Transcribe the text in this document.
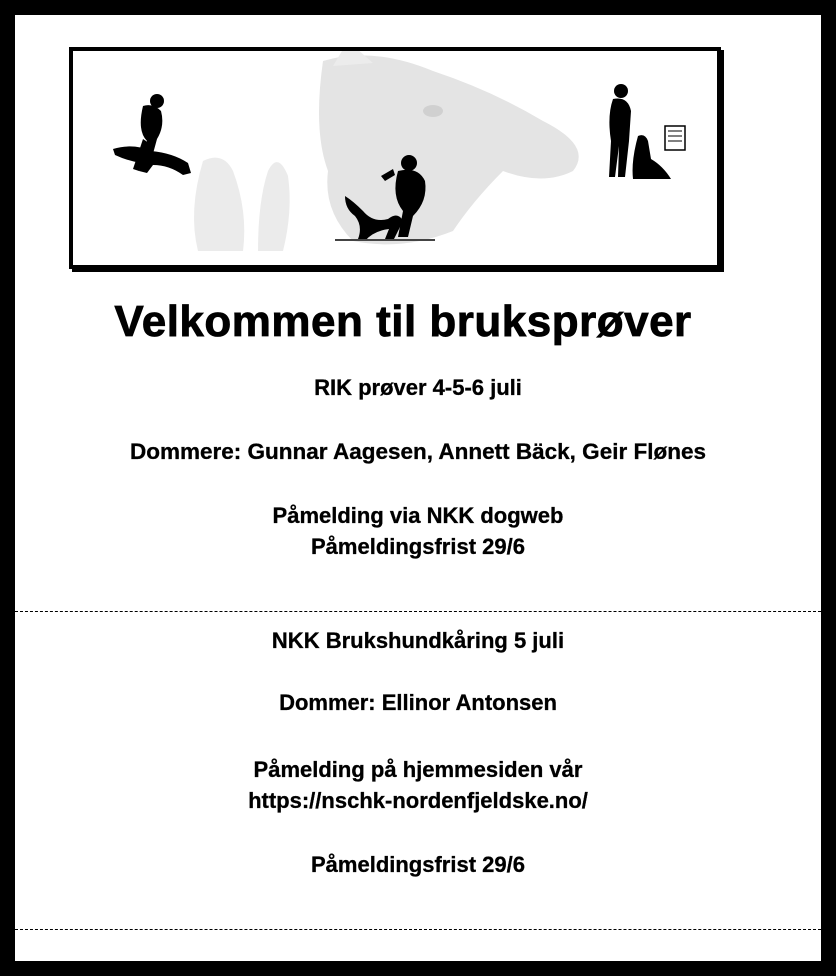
Velkommen til bruksprøver
RIK prøver 4-5-6 juli
Dommere: Gunnar Aagesen, Annett Bäck, Geir Flønes
Påmelding via NKK dogweb
Påmeldingsfrist 29/6
NKK Brukshundkåring 5 juli
Dommer: Ellinor Antonsen
Påmelding på hjemmesiden vår
https://nschk-nordenfjeldske.no/
Påmeldingsfrist 29/6
